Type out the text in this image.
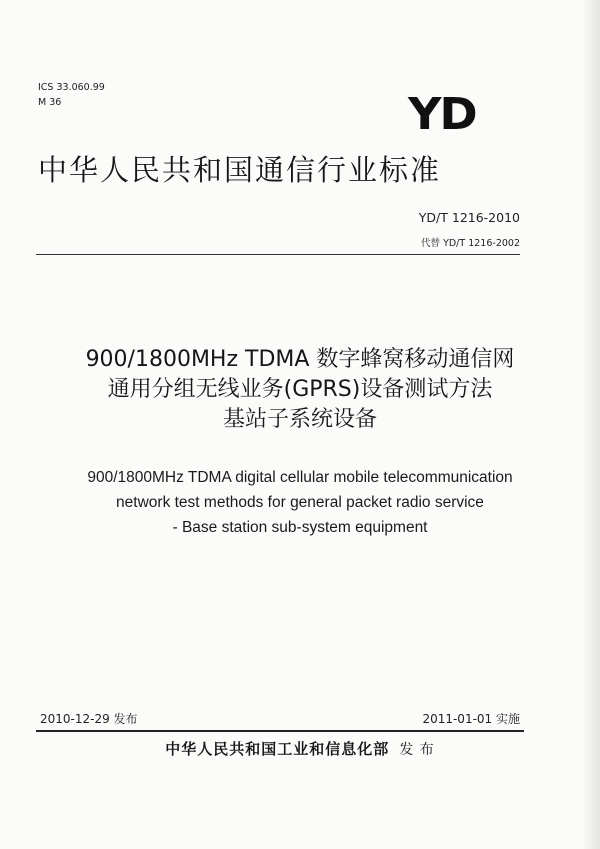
ICS 33.060.99
M 36	YD
中华人民共和国通信行业标准
YD/T 1216-2010
代替 YD/T 1216-2002
900/1800MHz TDMA 数字蜂窝移动通信网
通用分组无线业务(GPRS)设备测试方法
基站子系统设备
900/1800MHz TDMA digital cellular mobile telecommunication
network test methods for general packet radio service
- Base station sub-system equipment
2010-12-29 发布	2011-01-01 实施
中华人民共和国工业和信息化部 发 布
